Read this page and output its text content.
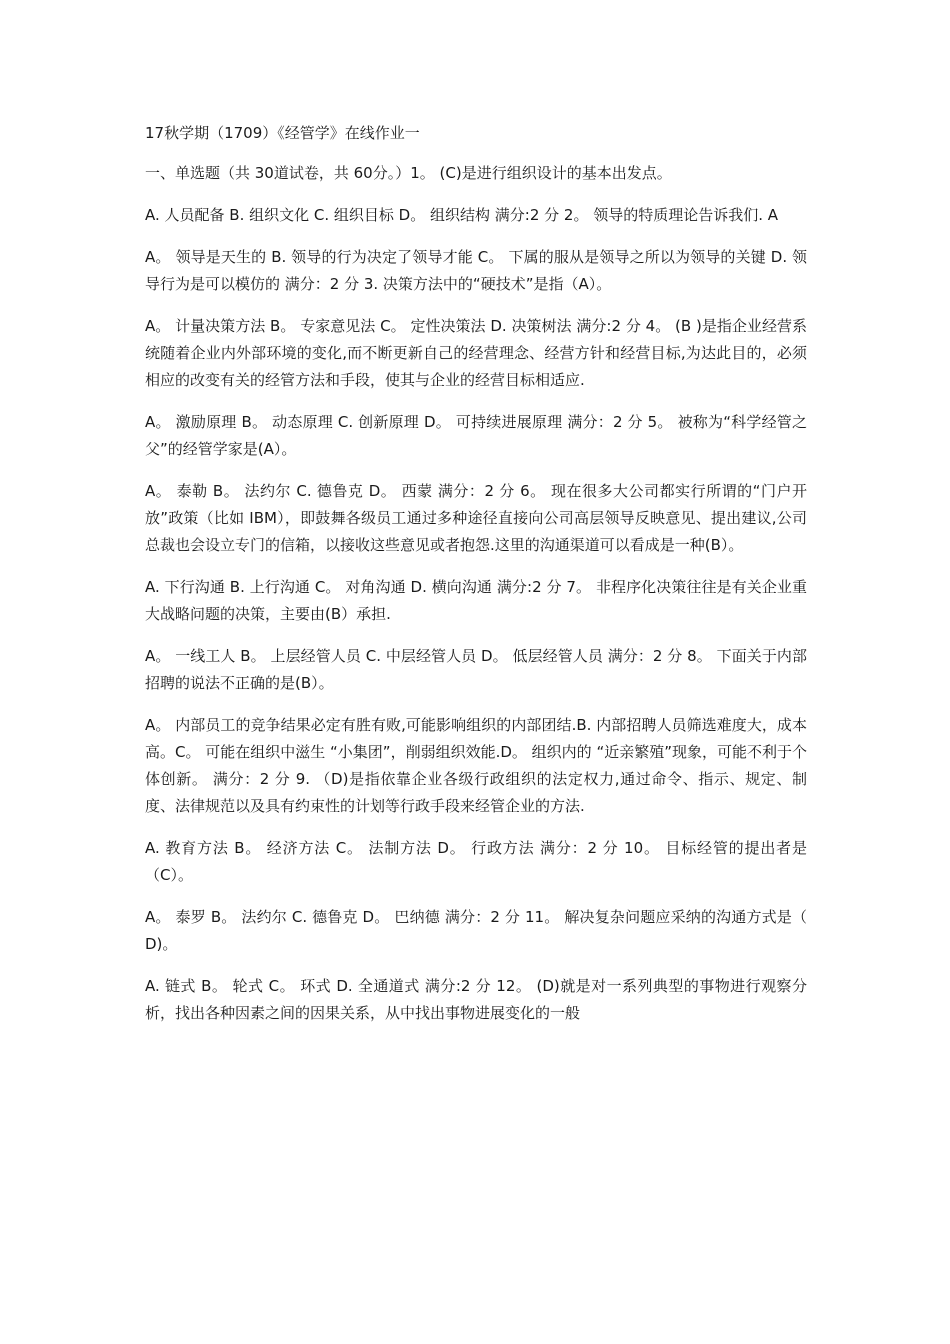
17秋学期（1709）《经管学》在线作业一

一、单选题（共 30道试卷，共 60分。）1。 (C)是进行组织设计的基本出发点。

A. 人员配备 B. 组织文化 C. 组织目标 D。 组织结构 满分:2 分 2。 领导的特质理论告诉我们. A

A。 领导是天生的 B. 领导的行为决定了领导才能 C。 下属的服从是领导之所以为领导的关键 D. 领导行为是可以模仿的 满分：2 分 3. 决策方法中的“硬技术”是指（A）。

A。 计量决策方法 B。 专家意见法 C。 定性决策法 D. 决策树法 满分:2 分 4。 (B )是指企业经营系统随着企业内外部环境的变化,而不断更新自己的经营理念、经营方针和经营目标,为达此目的，必须相应的改变有关的经管方法和手段，使其与企业的经营目标相适应.

A。 激励原理 B。 动态原理 C. 创新原理 D。 可持续进展原理 满分：2 分 5。 被称为“科学经管之父”的经管学家是(A）。

A。 泰勒 B。 法约尔 C. 德鲁克 D。 西蒙 满分：2 分 6。 现在很多大公司都实行所谓的“门户开放”政策（比如 IBM），即鼓舞各级员工通过多种途径直接向公司高层领导反映意见、提出建议,公司总裁也会设立专门的信箱，以接收这些意见或者抱怨.这里的沟通渠道可以看成是一种(B）。

A. 下行沟通 B. 上行沟通 C。 对角沟通 D. 横向沟通 满分:2 分 7。 非程序化决策往往是有关企业重大战略问题的决策，主要由(B）承担.

A。 一线工人 B。 上层经管人员 C. 中层经管人员 D。 低层经管人员 满分：2 分 8。 下面关于内部招聘的说法不正确的是(B）。

A。 内部员工的竞争结果必定有胜有败,可能影响组织的内部团结.B. 内部招聘人员筛选难度大，成本高。C。 可能在组织中滋生 “小集团”，削弱组织效能.D。 组织内的 “近亲繁殖”现象，可能不利于个体创新。 满分：2 分 9. （D)是指依靠企业各级行政组织的法定权力,通过命令、指示、规定、制度、法律规范以及具有约束性的计划等行政手段来经管企业的方法.

A. 教育方法 B。 经济方法 C。 法制方法 D。 行政方法 满分：2 分 10。 目标经管的提出者是（C）。

A。 泰罗 B。 法约尔 C. 德鲁克 D。 巴纳德 满分：2 分 11。 解决复杂问题应采纳的沟通方式是（ D)。

A. 链式 B。 轮式 C。 环式 D. 全通道式 满分:2 分 12。 (D)就是对一系列典型的事物进行观察分析，找出各种因素之间的因果关系，从中找出事物进展变化的一般
